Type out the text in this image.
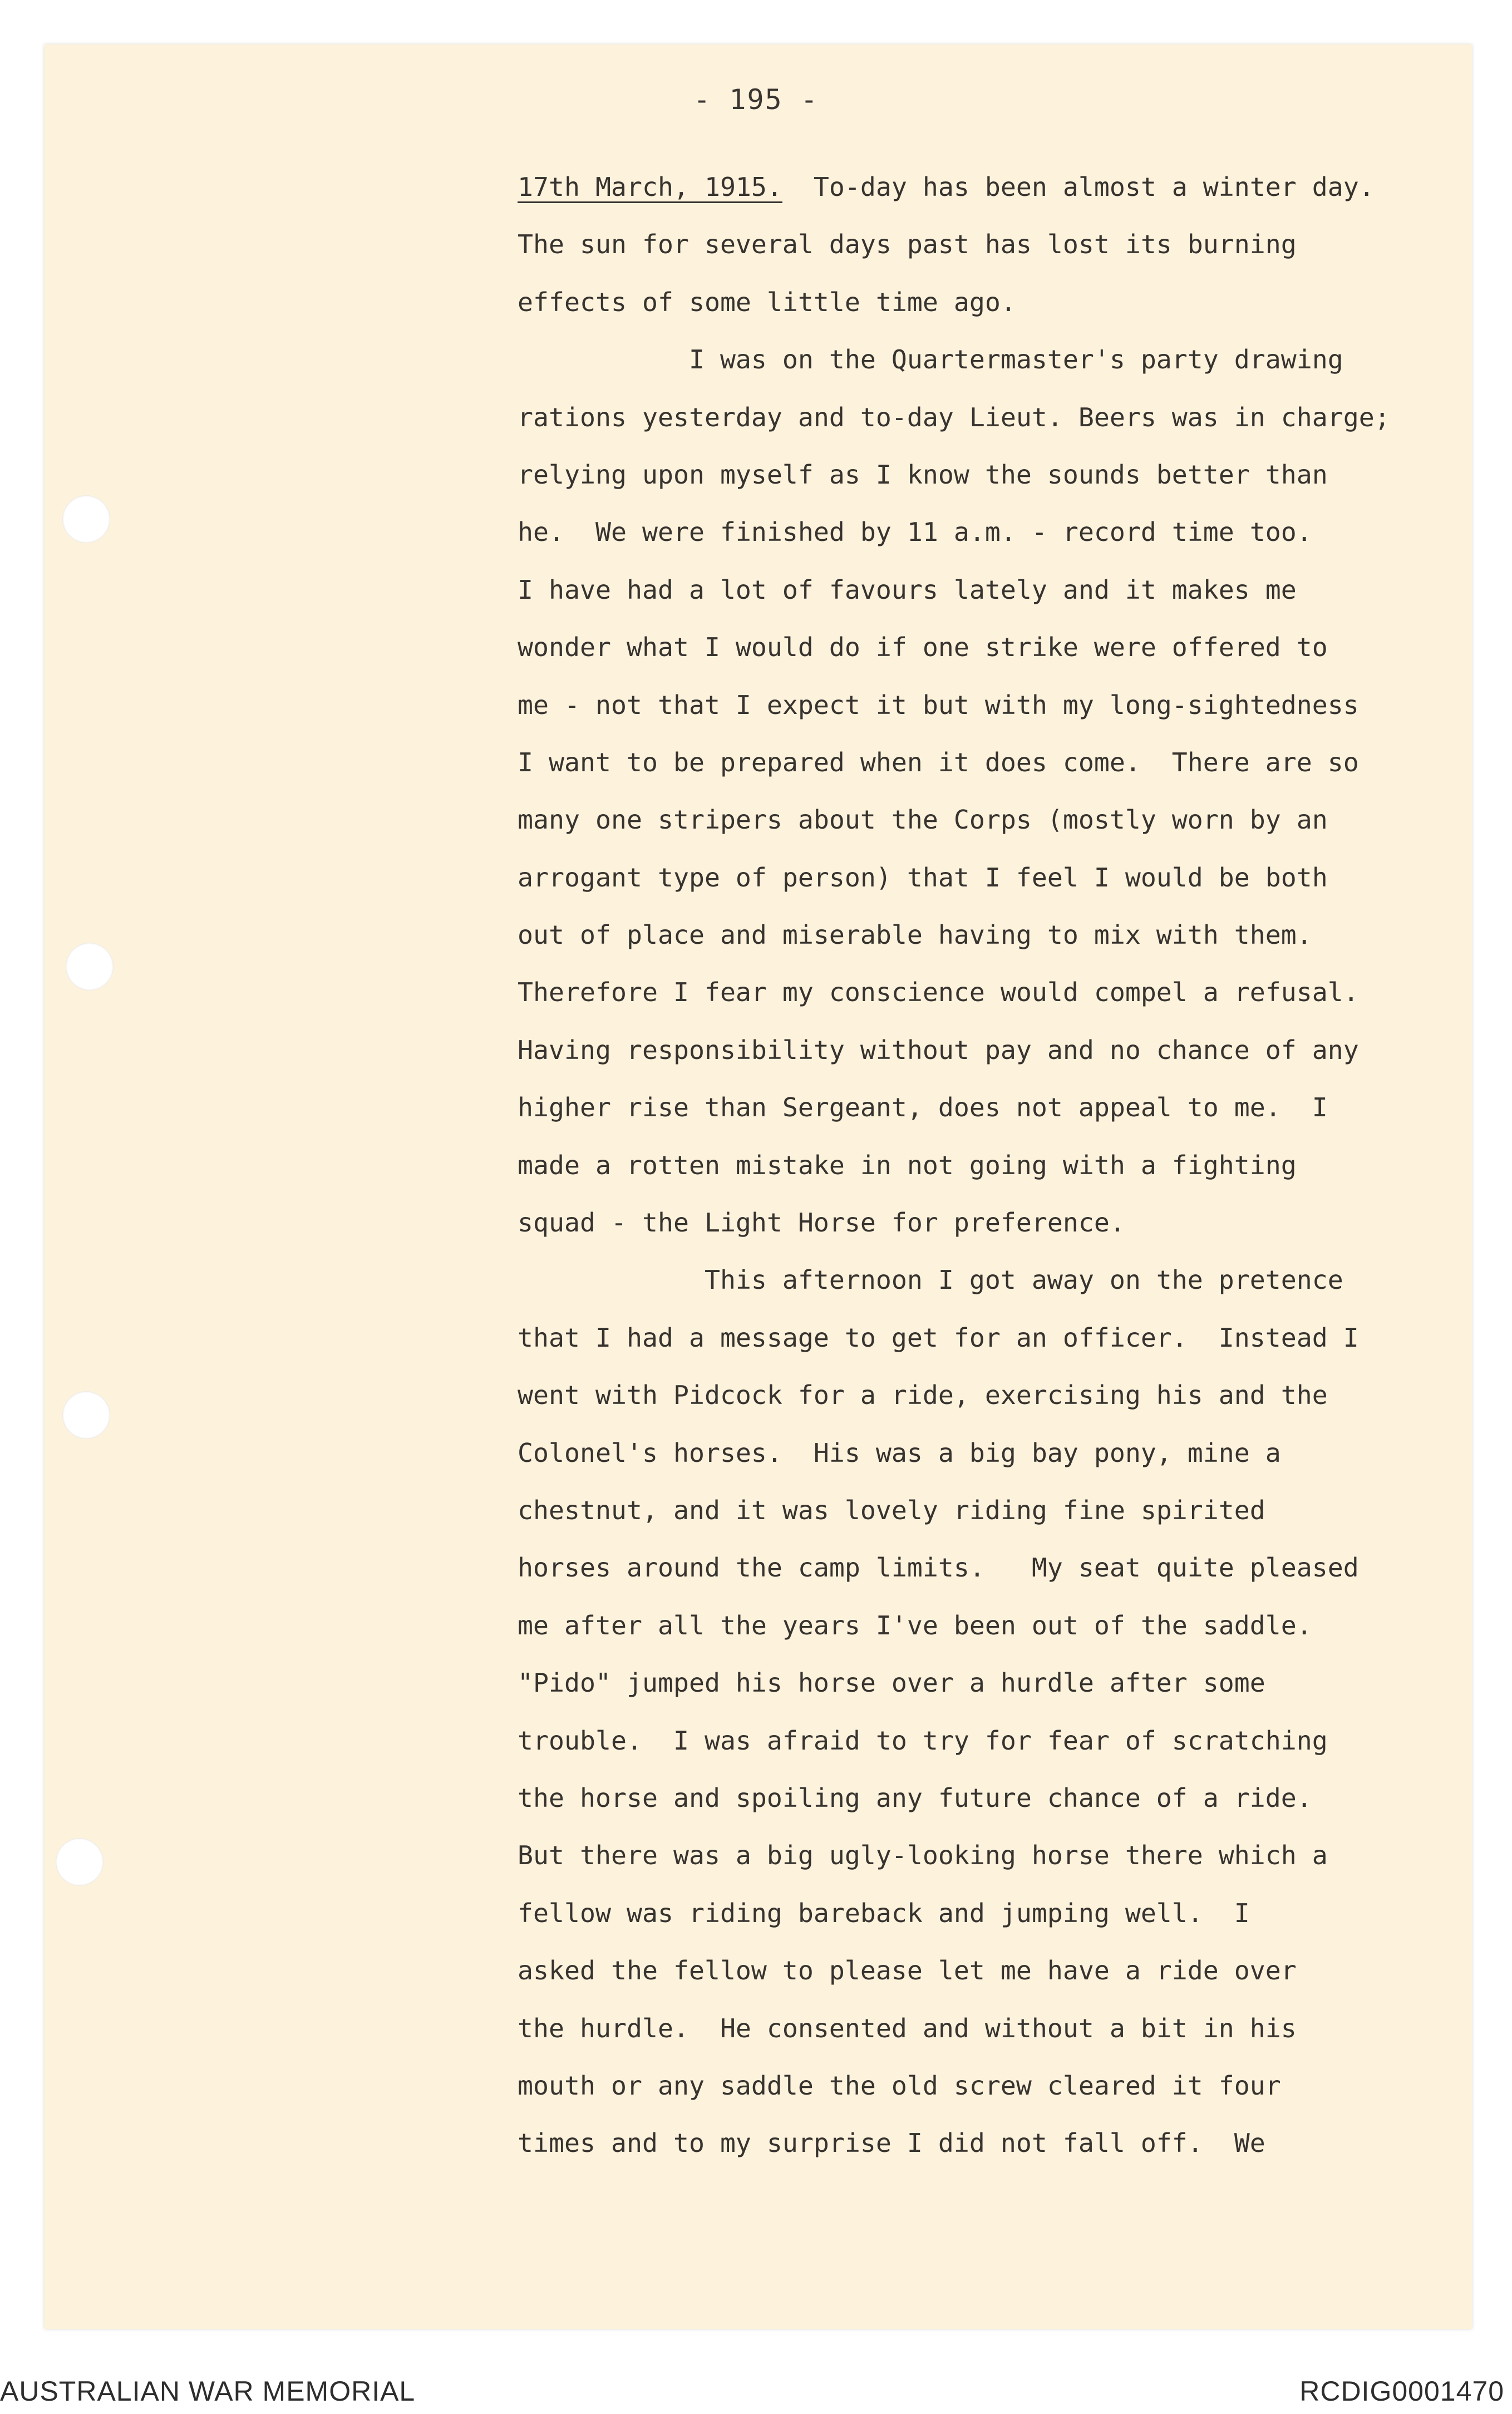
- 195 -
17th March, 1915.  To-day has been almost a winter day.
The sun for several days past has lost its burning
effects of some little time ago.
I was on the Quartermaster's party drawing
rations yesterday and to-day Lieut. Beers was in charge;
relying upon myself as I know the sounds better than
he.  We were finished by 11 a.m. - record time too.
I have had a lot of favours lately and it makes me
wonder what I would do if one strike were offered to
me - not that I expect it but with my long-sightedness
I want to be prepared when it does come.  There are so
many one stripers about the Corps (mostly worn by an
arrogant type of person) that I feel I would be both
out of place and miserable having to mix with them.
Therefore I fear my conscience would compel a refusal.
Having responsibility without pay and no chance of any
higher rise than Sergeant, does not appeal to me.  I
made a rotten mistake in not going with a fighting
squad - the Light Horse for preference.
This afternoon I got away on the pretence
that I had a message to get for an officer.  Instead I
went with Pidcock for a ride, exercising his and the
Colonel's horses.  His was a big bay pony, mine a
chestnut, and it was lovely riding fine spirited
horses around the camp limits.   My seat quite pleased
me after all the years I've been out of the saddle.
"Pido" jumped his horse over a hurdle after some
trouble.  I was afraid to try for fear of scratching
the horse and spoiling any future chance of a ride.
But there was a big ugly-looking horse there which a
fellow was riding bareback and jumping well.  I
asked the fellow to please let me have a ride over
the hurdle.  He consented and without a bit in his
mouth or any saddle the old screw cleared it four
times and to my surprise I did not fall off.  We
AUSTRALIAN WAR MEMORIAL	RCDIG0001470
